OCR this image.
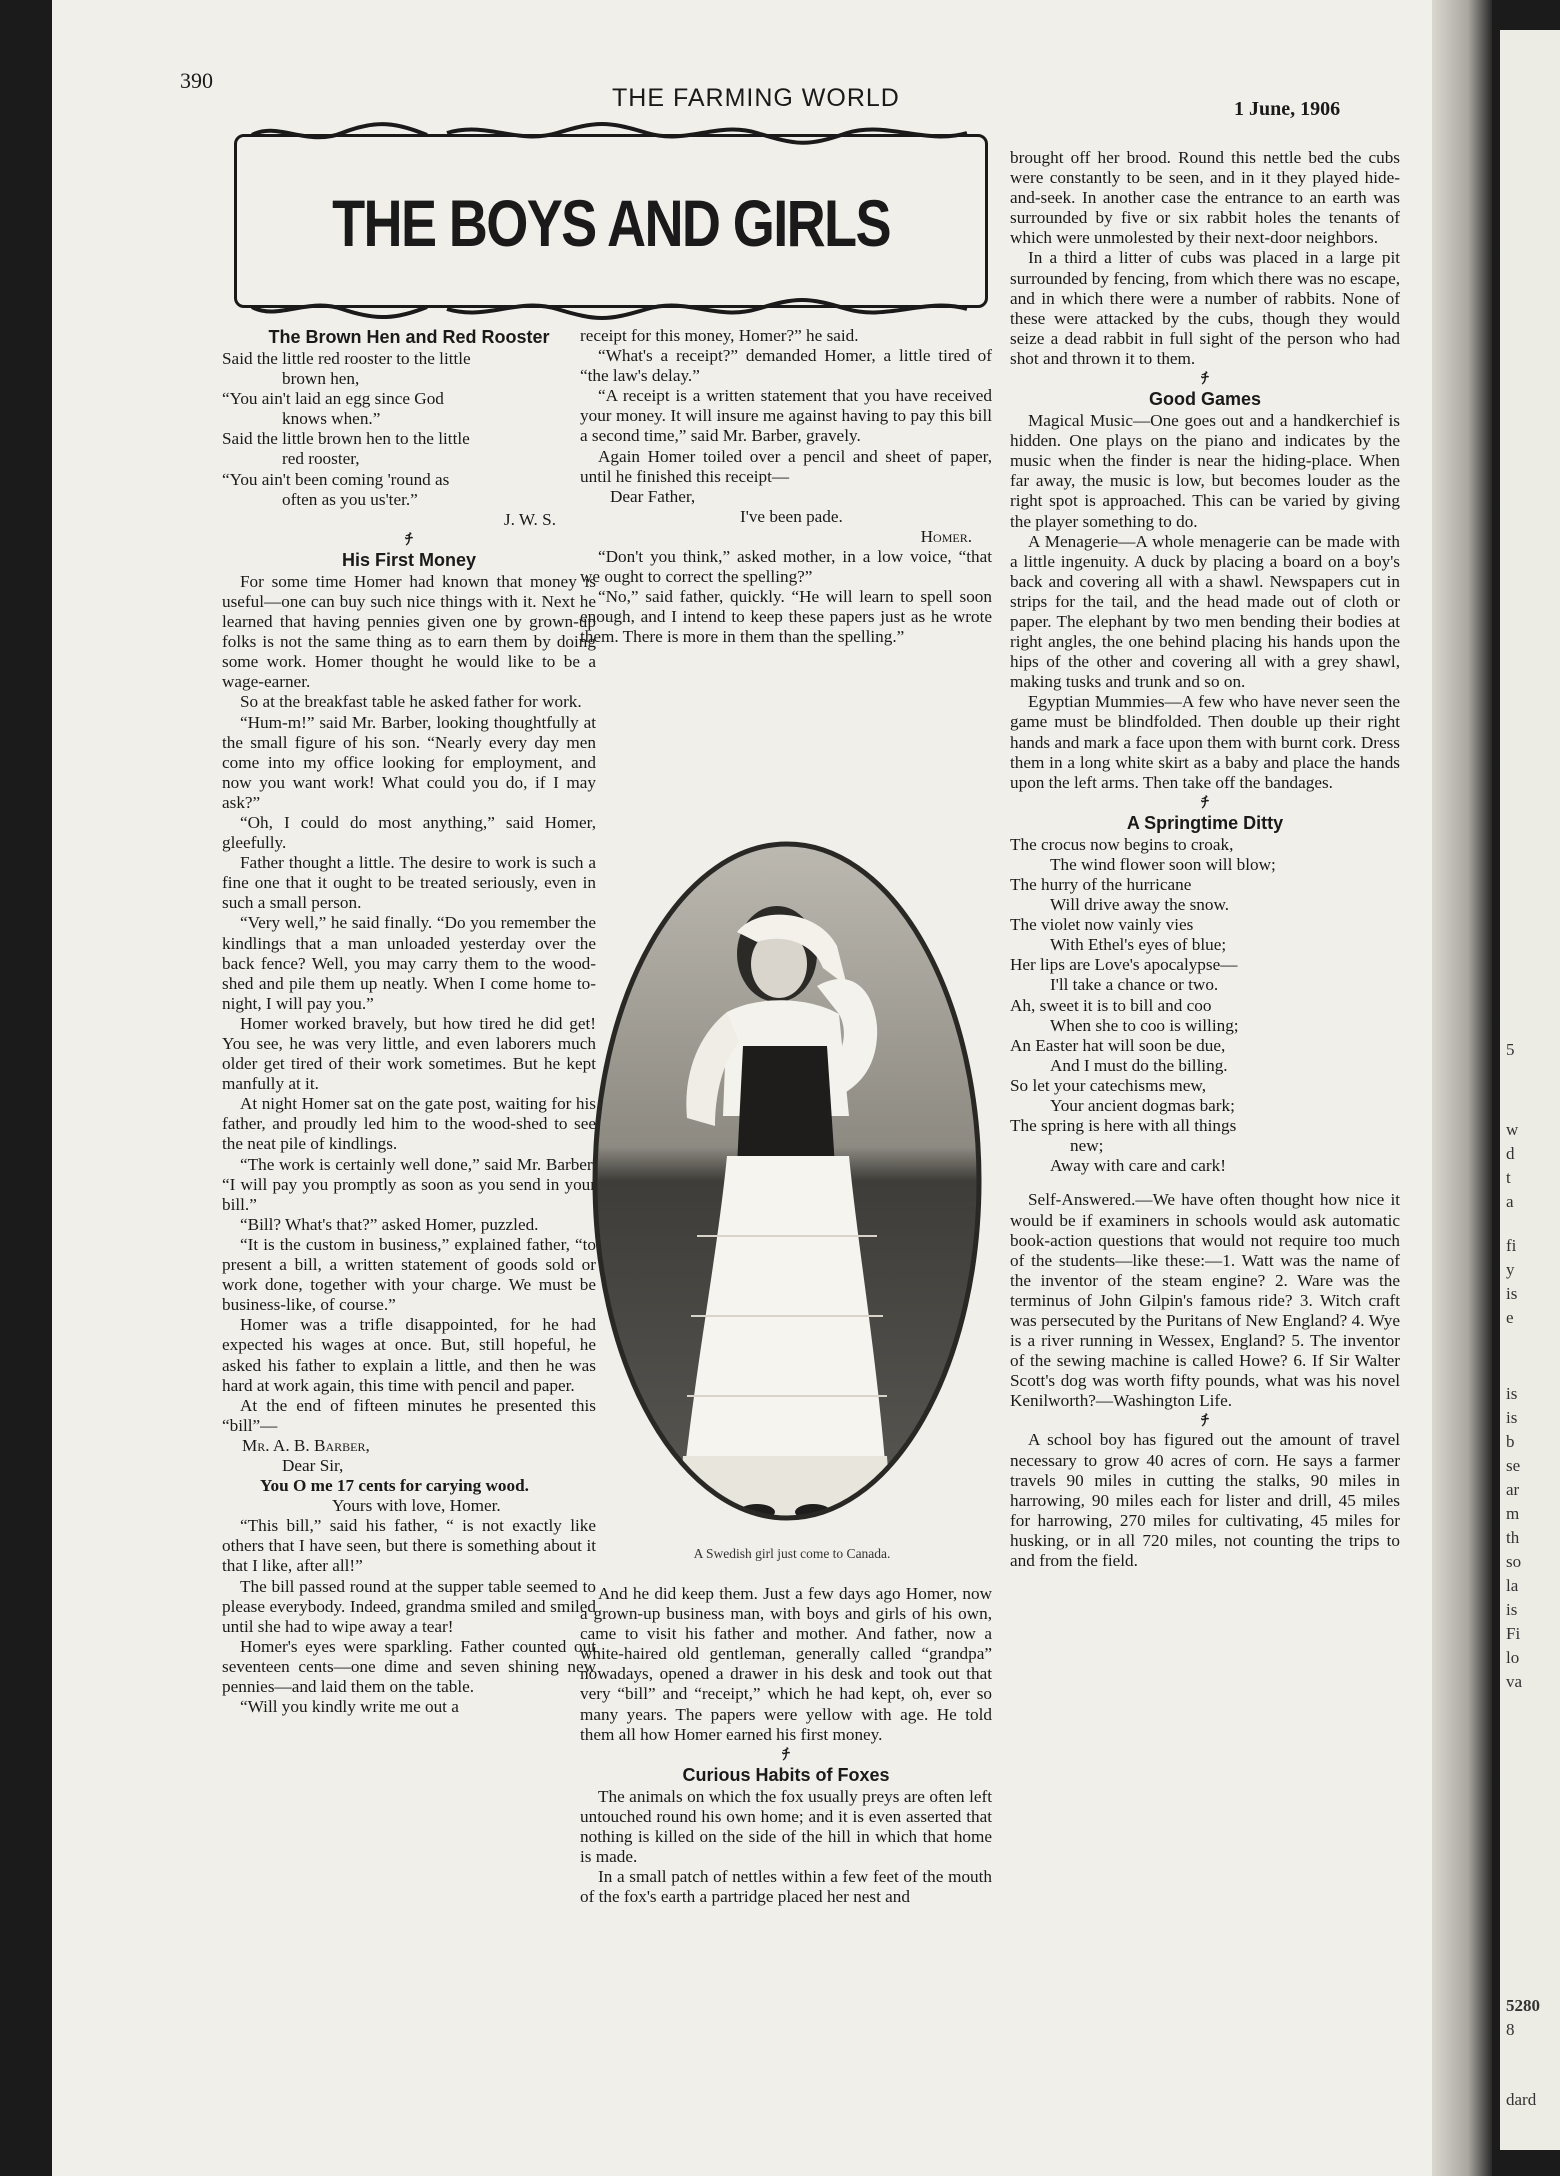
390
THE FARMING WORLD	1 June, 1906
THE BOYS AND GIRLS
The Brown Hen and Red Rooster
Said the little red rooster to the little
brown hen,
“You ain't laid an egg since God
knows when.”
Said the little brown hen to the little
red rooster,
“You ain't been coming 'round as
often as you us'ter.”

J. W. S.

ﾁ
His First Money

For some time Homer had known that money is useful—one can buy such nice things with it. Next he learned that having pennies given one by grown-up folks is not the same thing as to earn them by doing some work. Homer thought he would like to be a wage-earner.

So at the breakfast table he asked father for work.

“Hum-m!” said Mr. Barber, looking thoughtfully at the small figure of his son. “Nearly every day men come into my office looking for employment, and now you want work! What could you do, if I may ask?”

“Oh, I could do most anything,” said Homer, gleefully.

Father thought a little. The desire to work is such a fine one that it ought to be treated seriously, even in such a small person.

“Very well,” he said finally. “Do you remember the kindlings that a man unloaded yesterday over the back fence? Well, you may carry them to the wood-shed and pile them up neatly. When I come home to-night, I will pay you.”

Homer worked bravely, but how tired he did get! You see, he was very little, and even laborers much older get tired of their work sometimes. But he kept manfully at it.

At night Homer sat on the gate post, waiting for his father, and proudly led him to the wood-shed to see the neat pile of kindlings.

“The work is certainly well done,” said Mr. Barber. “I will pay you promptly as soon as you send in your bill.”

“Bill? What's that?” asked Homer, puzzled.

“It is the custom in business,” explained father, “to present a bill, a written statement of goods sold or work done, together with your charge. We must be business-like, of course.”

Homer was a trifle disappointed, for he had expected his wages at once. But, still hopeful, he asked his father to explain a little, and then he was hard at work again, this time with pencil and paper.

At the end of fifteen minutes he presented this “bill”—

Mr. A. B. Barber,

Dear Sir,

You O me 17 cents for carying wood.

Yours with love, Homer.

“This bill,” said his father, “ is not exactly like others that I have seen, but there is something about it that I like, after all!”

The bill passed round at the supper table seemed to please everybody. Indeed, grandma smiled and smiled until she had to wipe away a tear!

Homer's eyes were sparkling. Father counted out seventeen cents—one dime and seven shining new pennies—and laid them on the table.

“Will you kindly write me out a

receipt for this money, Homer?” he said.

“What's a receipt?” demanded Homer, a little tired of “the law's delay.”

“A receipt is a written statement that you have received your money. It will insure me against having to pay this bill a second time,” said Mr. Barber, gravely.

Again Homer toiled over a pencil and sheet of paper, until he finished this receipt—

Dear Father,

I've been pade.

Homer.

“Don't you think,” asked mother, in a low voice, “that we ought to correct the spelling?”

“No,” said father, quickly. “He will learn to spell soon enough, and I intend to keep these papers just as he wrote them. There is more in them than the spelling.”

A Swedish girl just come to Canada.

And he did keep them. Just a few days ago Homer, now a grown-up business man, with boys and girls of his own, came to visit his father and mother. And father, now a white-haired old gentleman, generally called “grandpa” nowadays, opened a drawer in his desk and took out that very “bill” and “receipt,” which he had kept, oh, ever so many years. The papers were yellow with age. He told them all how Homer earned his first money.

ﾁ
Curious Habits of Foxes

The animals on which the fox usually preys are often left untouched round his own home; and it is even asserted that nothing is killed on the side of the hill in which that home is made.

In a small patch of nettles within a few feet of the mouth of the fox's earth a partridge placed her nest and

brought off her brood. Round this nettle bed the cubs were constantly to be seen, and in it they played hide-and-seek. In another case the entrance to an earth was surrounded by five or six rabbit holes the tenants of which were unmolested by their next-door neighbors.

In a third a litter of cubs was placed in a large pit surrounded by fencing, from which there was no escape, and in which there were a number of rabbits. None of these were attacked by the cubs, though they would seize a dead rabbit in full sight of the person who had shot and thrown it to them.

ﾁ
Good Games

Magical Music—One goes out and a handkerchief is hidden. One plays on the piano and indicates by the music when the finder is near the hiding-place. When far away, the music is low, but becomes louder as the right spot is approached. This can be varied by giving the player something to do.

A Menagerie—A whole menagerie can be made with a little ingenuity. A duck by placing a board on a boy's back and covering all with a shawl. Newspapers cut in strips for the tail, and the head made out of cloth or paper. The elephant by two men bending their bodies at right angles, the one behind placing his hands upon the hips of the other and covering all with a grey shawl, making tusks and trunk and so on.

Egyptian Mummies—A few who have never seen the game must be blindfolded. Then double up their right hands and mark a face upon them with burnt cork. Dress them in a long white skirt as a baby and place the hands upon the left arms. Then take off the bandages.

ﾁ
A Springtime Ditty
The crocus now begins to croak,
The wind flower soon will blow;
The hurry of the hurricane
Will drive away the snow.
The violet now vainly vies
With Ethel's eyes of blue;
Her lips are Love's apocalypse—
I'll take a chance or two.
Ah, sweet it is to bill and coo
When she to coo is willing;
An Easter hat will soon be due,
And I must do the billing.
So let your catechisms mew,
Your ancient dogmas bark;
The spring is here with all things
new;
Away with care and cark!

Self-Answered.—We have often thought how nice it would be if examiners in schools would ask automatic book-action questions that would not require too much of the students—like these:—1. Watt was the name of the inventor of the steam engine? 2. Ware was the terminus of John Gilpin's famous ride? 3. Witch craft was persecuted by the Puritans of New England? 4. Wye is a river running in Wessex, England? 5. The inventor of the sewing machine is called Howe? 6. If Sir Walter Scott's dog was worth fifty pounds, what was his novel Kenilworth?—Washington Life.

ﾁ

A school boy has figured out the amount of travel necessary to grow 40 acres of corn. He says a farmer travels 90 miles in cutting the stalks, 90 miles in harrowing, 90 miles each for lister and drill, 45 miles for harrowing, 270 miles for cultivating, 45 miles for husking, or in all 720 miles, not counting the trips to and from the field.

5
w
d
t
a
fi
y
is
e
is
is
b
se
ar
m
th
so
la
is
Fi
lo
va
5280
8
dard
